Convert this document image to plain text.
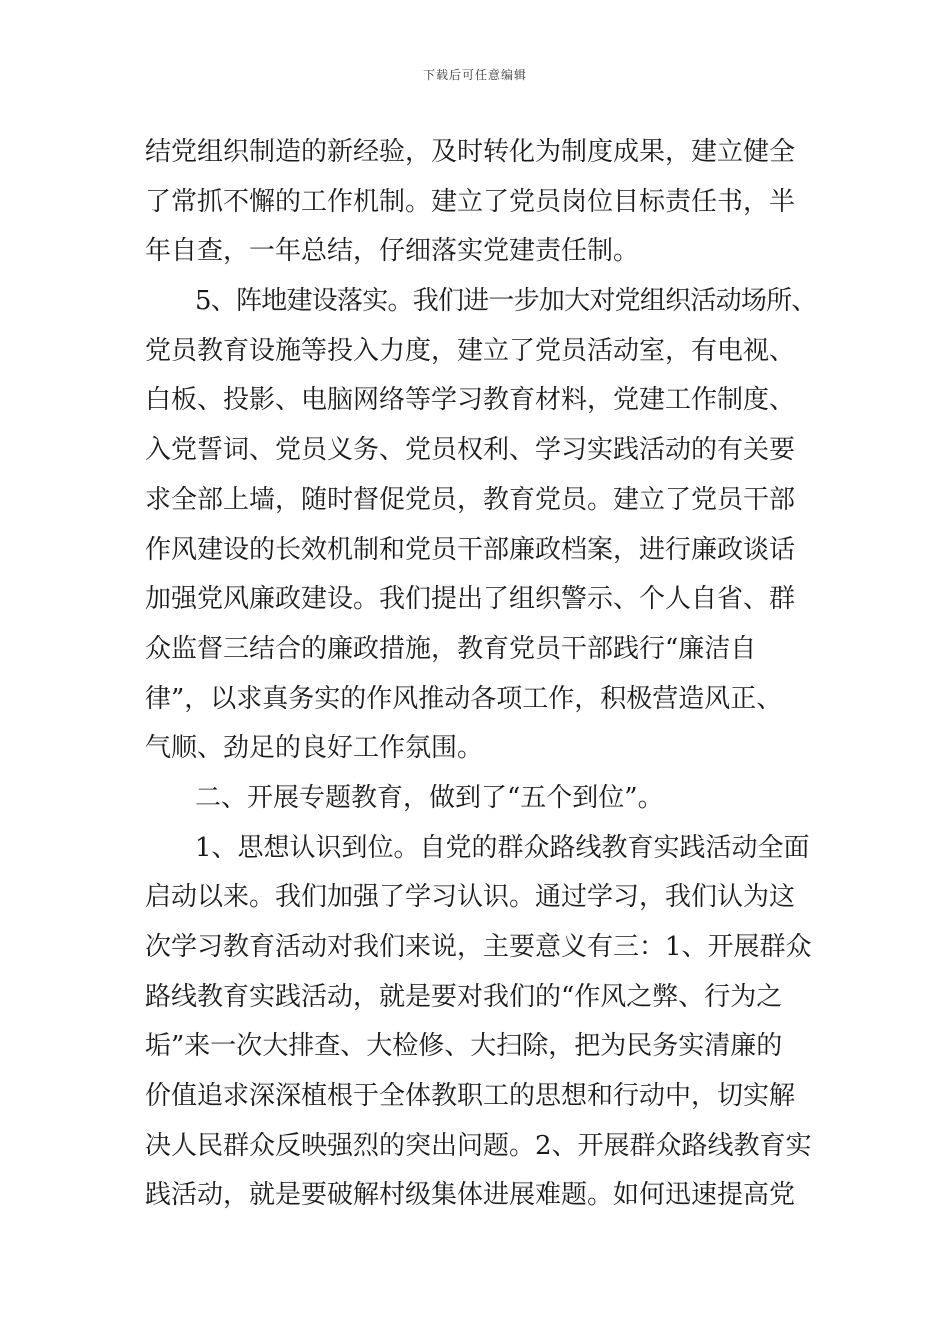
下载后可任意编辑
结党组织制造的新经验，及时转化为制度成果，建立健全
了常抓不懈的工作机制。建立了党员岗位目标责任书，半
年自查，一年总结，仔细落实党建责任制。
5、阵地建设落实。我们进一步加大对党组织活动场所、
党员教育设施等投入力度，建立了党员活动室，有电视、
白板、投影、电脑网络等学习教育材料，党建工作制度、
入党誓词、党员义务、党员权利、学习实践活动的有关要
求全部上墙，随时督促党员，教育党员。建立了党员干部
作风建设的长效机制和党员干部廉政档案，进行廉政谈话
加强党风廉政建设。我们提出了组织警示、个人自省、群
众监督三结合的廉政措施，教育党员干部践行“廉洁自
律”，以求真务实的作风推动各项工作，积极营造风正、
气顺、劲足的良好工作氛围。
二、开展专题教育，做到了“五个到位”。
1、思想认识到位。自党的群众路线教育实践活动全面
启动以来。我们加强了学习认识。通过学习，我们认为这
次学习教育活动对我们来说，主要意义有三：1、开展群众
路线教育实践活动，就是要对我们的“作风之弊、行为之
垢”来一次大排查、大检修、大扫除，把为民务实清廉的
价值追求深深植根于全体教职工的思想和行动中，切实解
决人民群众反映强烈的突出问题。2、开展群众路线教育实
践活动，就是要破解村级集体进展难题。如何迅速提高党
